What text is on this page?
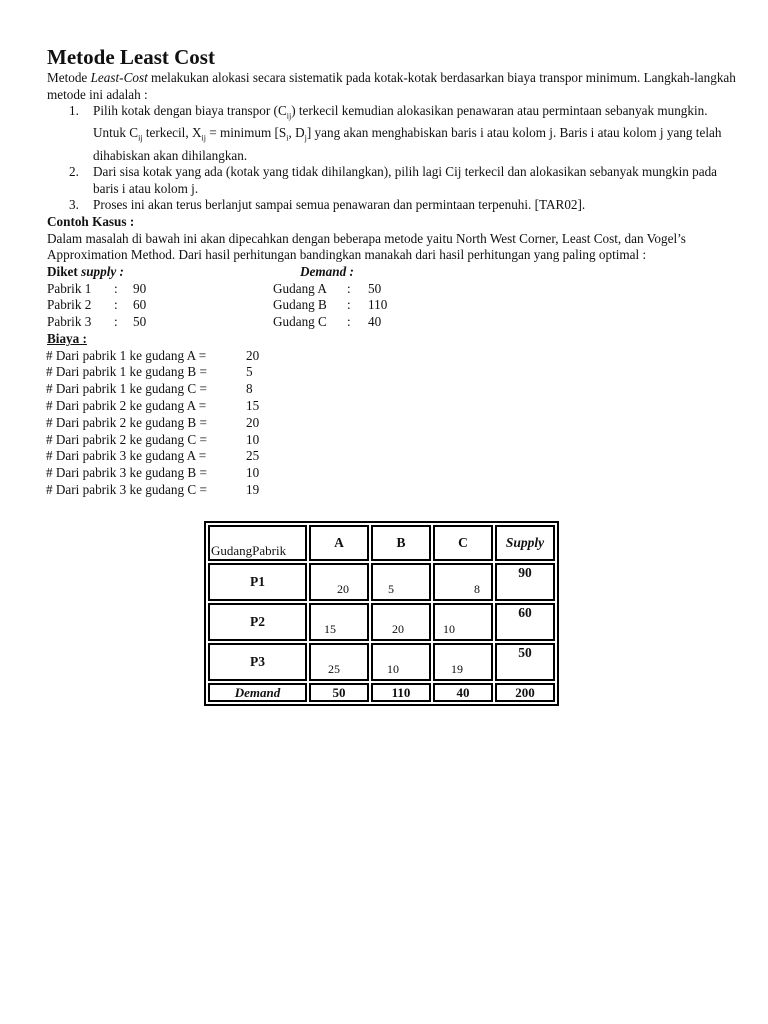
Metode Least Cost

Metode Least-Cost melakukan alokasi secara sistematik pada kotak-kotak berdasarkan biaya transpor minimum. Langkah-langkah metode ini adalah :

1. Pilih kotak dengan biaya transpor $(C_{ij})$ terkecil kemudian alokasikan penawaran atau permintaan sebanyak mungkin. Untuk $C_{ij}$ terkecil, $X_{ij}$ = minimum [$S_i$, $D_j$] yang akan menghabiskan baris i atau kolom j. Baris i atau kolom j yang telah dihabiskan akan dihilangkan.
2. Dari sisa kotak yang ada (kotak yang tidak dihilangkan), pilih lagi Cij terkecil dan alokasikan sebanyak mungkin pada baris i atau kolom j.
3. Proses ini akan terus berlanjut sampai semua penawaran dan permintaan terpenuhi. [TAR02].

Contoh Kasus :

Dalam masalah di bawah ini akan dipecahkan dengan beberapa metode yaitu North West Corner, Least Cost, dan Vogel’s Approximation Method. Dari hasil perhitungan bandingkan manakah dari hasil perhitungan yang paling optimal :

Diket supply :	Demand :
Pabrik 1 : 90	Gudang A : 50
Pabrik 2 : 60	Gudang B : 110
Pabrik 3 : 50	Gudang C : 40

Biaya :

# Dari pabrik 1 ke gudang A =	20
# Dari pabrik 1 ke gudang B =	5
# Dari pabrik 1 ke gudang C =	8
# Dari pabrik 2 ke gudang A =	15
# Dari pabrik 2 ke gudang B =	20
# Dari pabrik 2 ke gudang C =	10
# Dari pabrik 3 ke gudang A =	25
# Dari pabrik 3 ke gudang B =	10
# Dari pabrik 3 ke gudang C =	19
GudangPabrik	A	B	C	Supply
P1	20	5	8	90
P2	15	20	10	60
P3	25	10	19	50
Demand	50	110	40	200
